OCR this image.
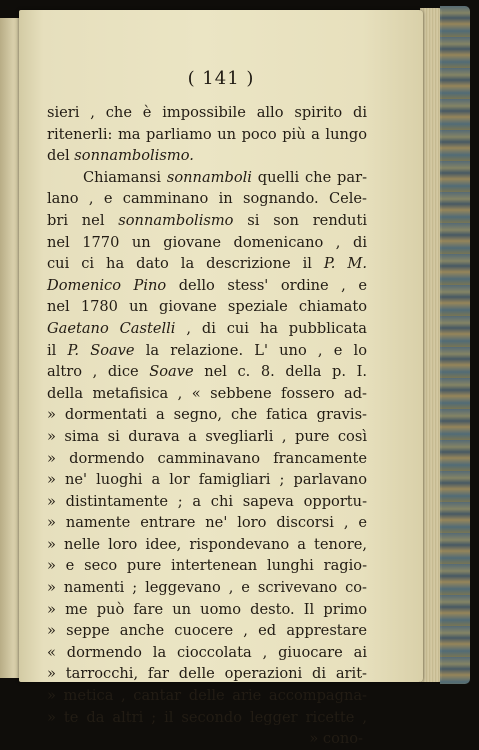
( 141 )
sieri , che è impossibile allo spirito di
ritenerli: ma parliamo un poco più a lungo
del sonnambolismo.
Chiamansi sonnamboli quelli che par-
lano , e camminano in sognando. Cele-
bri nel sonnambolismo si son renduti
nel 1770 un giovane domenicano , di
cui ci ha dato la descrizione il P. M.
Domenico Pino dello stess' ordine , e
nel 1780 un giovane speziale chiamato
Gaetano Castelli , di cui ha pubblicata
il P. Soave la relazione. L' uno , e lo
altro , dice Soave nel c. 8. della p. I.
della metafisica , « sebbene fossero ad-
» dormentati a segno, che fatica gravis-
» sima si durava a svegliarli , pure così
» dormendo camminavano francamente
» ne' luoghi a lor famigliari ; parlavano
» distintamente ; a chi sapeva opportu-
» namente entrare ne' loro discorsi , e
» nelle loro idee, rispondevano a tenore,
» e seco pure intertenean lunghi ragio-
» namenti ; leggevano , e scrivevano co-
» me può fare un uomo desto. Il primo
» seppe anche cuocere , ed apprestare
« dormendo la cioccolata , giuocare ai
» tarrocchi, far delle operazioni di arit-
» metica , cantar delle arie accompagna-
» te da altri ; il secondo legger ricette ,
» cono-
